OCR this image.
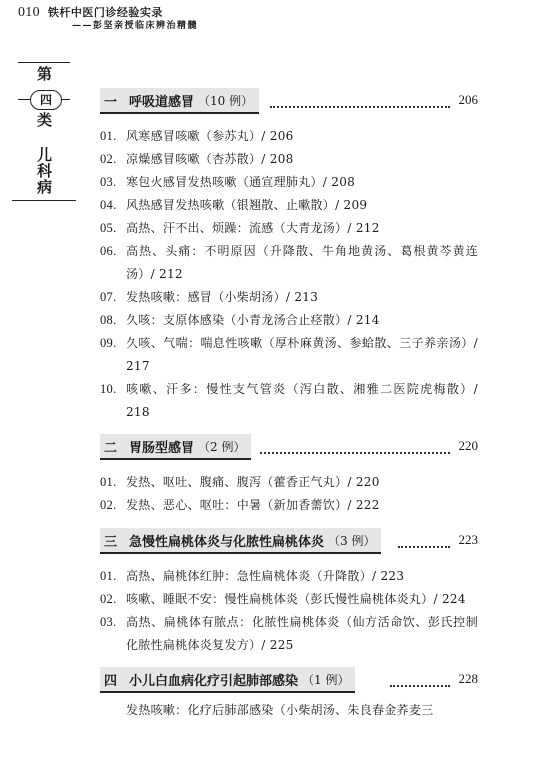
010 铁杆中医门诊经验实录
——彭坚亲授临床辨治精髓
第
四
类
儿
科
病
一 呼吸道感冒 （10 例）	206
01. 风寒感冒咳嗽（参苏丸）/ 206
02. 凉燥感冒咳嗽（杏苏散）/ 208
03. 寒包火感冒发热咳嗽（通宣理肺丸）/ 208
04. 风热感冒发热咳嗽（银翘散、止嗽散）/ 209
05. 高热、汗不出、烦躁：流感（大青龙汤）/ 212
06. 高热、头痛：不明原因（升降散、牛角地黄汤、葛根黄芩黄连汤）/ 212
07. 发热咳嗽：感冒（小柴胡汤）/ 213
08. 久咳：支原体感染（小青龙汤合止痉散）/ 214
09. 久咳、气喘：喘息性咳嗽（厚朴麻黄汤、参蛤散、三子养亲汤）/ 217
10. 咳嗽、汗多：慢性支气管炎（泻白散、湘雅二医院虎梅散）/ 218
二 胃肠型感冒 （2 例）	220
01. 发热、呕吐、腹痛、腹泻（藿香正气丸）/ 220
02. 发热、恶心、呕吐：中暑（新加香薷饮）/ 222
三 急慢性扁桃体炎与化脓性扁桃体炎 （3 例）	223
01. 高热、扁桃体红肿：急性扁桃体炎（升降散）/ 223
02. 咳嗽、睡眠不安：慢性扁桃体炎（彭氏慢性扁桃体炎丸）/ 224
03. 高热、扁桃体有脓点：化脓性扁桃体炎（仙方活命饮、彭氏控制化脓性扁桃体炎复发方）/ 225
四 小儿白血病化疗引起肺部感染 （1 例）	228
发热咳嗽：化疗后肺部感染（小柴胡汤、朱良春金荞麦三
